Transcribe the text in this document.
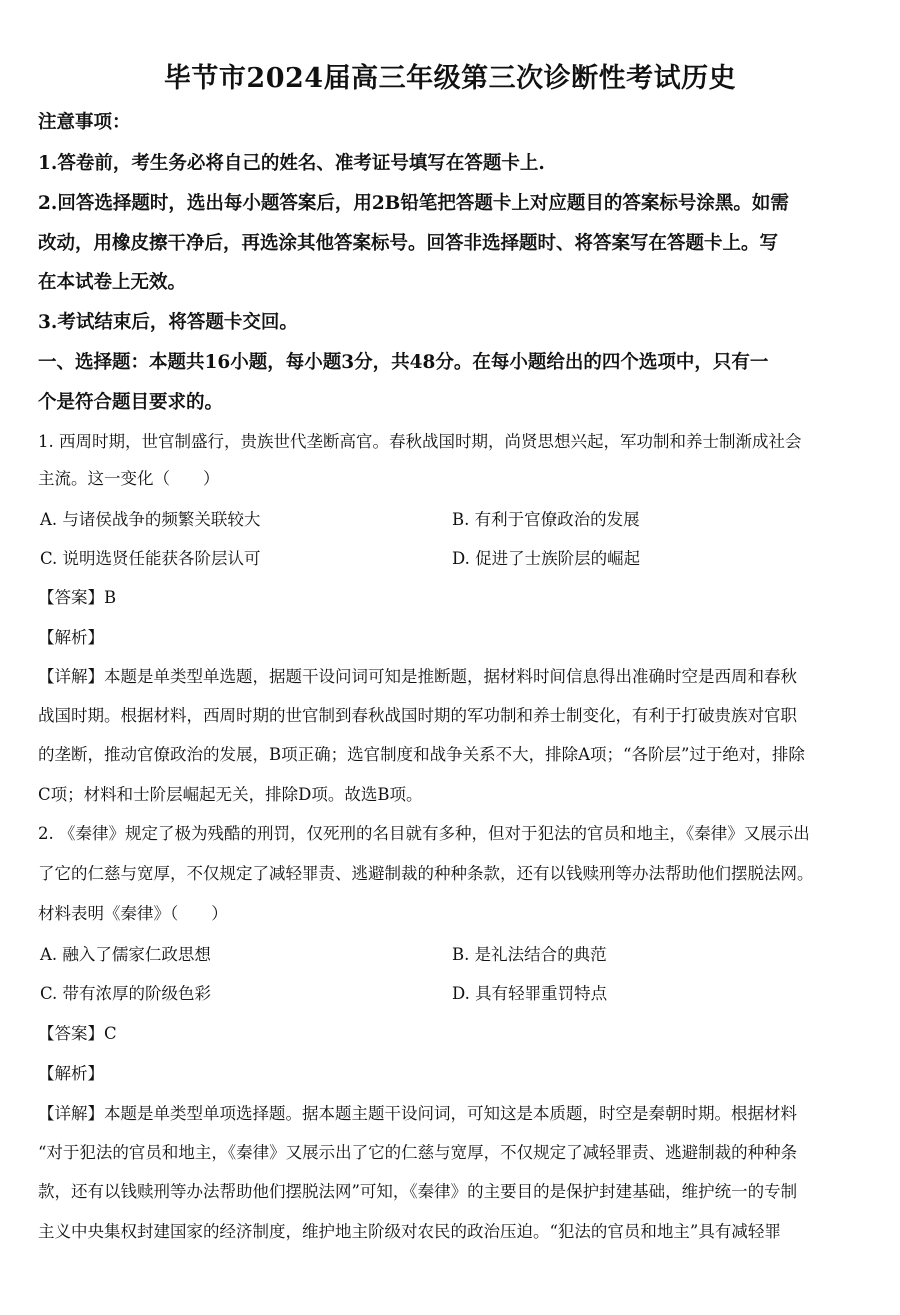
毕节市2024届高三年级第三次诊断性考试历史
注意事项：
1.答卷前，考生务必将自己的姓名、准考证号填写在答题卡上.
2.回答选择题时，选出每小题答案后，用2B铅笔把答题卡上对应题目的答案标号涂黑。如需
改动，用橡皮擦干净后，再选涂其他答案标号。回答非选择题时、将答案写在答题卡上。写
在本试卷上无效。
3.考试结束后，将答题卡交回。
一、选择题：本题共16小题，每小题3分，共48分。在每小题给出的四个选项中，只有一
个是符合题目要求的。
1. 西周时期，世官制盛行，贵族世代垄断高官。春秋战国时期，尚贤思想兴起，军功制和养士制渐成社会
主流。这一变化（　　）
A. 与诸侯战争的频繁关联较大	B. 有利于官僚政治的发展
C. 说明选贤任能获各阶层认可	D. 促进了士族阶层的崛起
【答案】B
【解析】
【详解】本题是单类型单选题，据题干设问词可知是推断题，据材料时间信息得出准确时空是西周和春秋
战国时期。根据材料，西周时期的世官制到春秋战国时期的军功制和养士制变化，有利于打破贵族对官职
的垄断，推动官僚政治的发展，B项正确；选官制度和战争关系不大，排除A项；“各阶层”过于绝对，排除
C项；材料和士阶层崛起无关，排除D项。故选B项。
2. 《秦律》规定了极为残酷的刑罚，仅死刑的名目就有多种，但对于犯法的官员和地主，《秦律》又展示出
了它的仁慈与宽厚，不仅规定了减轻罪责、逃避制裁的种种条款，还有以钱赎刑等办法帮助他们摆脱法网。
材料表明《秦律》（　　）
A. 融入了儒家仁政思想	B. 是礼法结合的典范
C. 带有浓厚的阶级色彩	D. 具有轻罪重罚特点
【答案】C
【解析】
【详解】本题是单类型单项选择题。据本题主题干设问词，可知这是本质题，时空是秦朝时期。根据材料
“对于犯法的官员和地主，《秦律》又展示出了它的仁慈与宽厚，不仅规定了减轻罪责、逃避制裁的种种条
款，还有以钱赎刑等办法帮助他们摆脱法网”可知，《秦律》的主要目的是保护封建基础，维护统一的专制
主义中央集权封建国家的经济制度，维护地主阶级对农民的政治压迫。“犯法的官员和地主”具有减轻罪
